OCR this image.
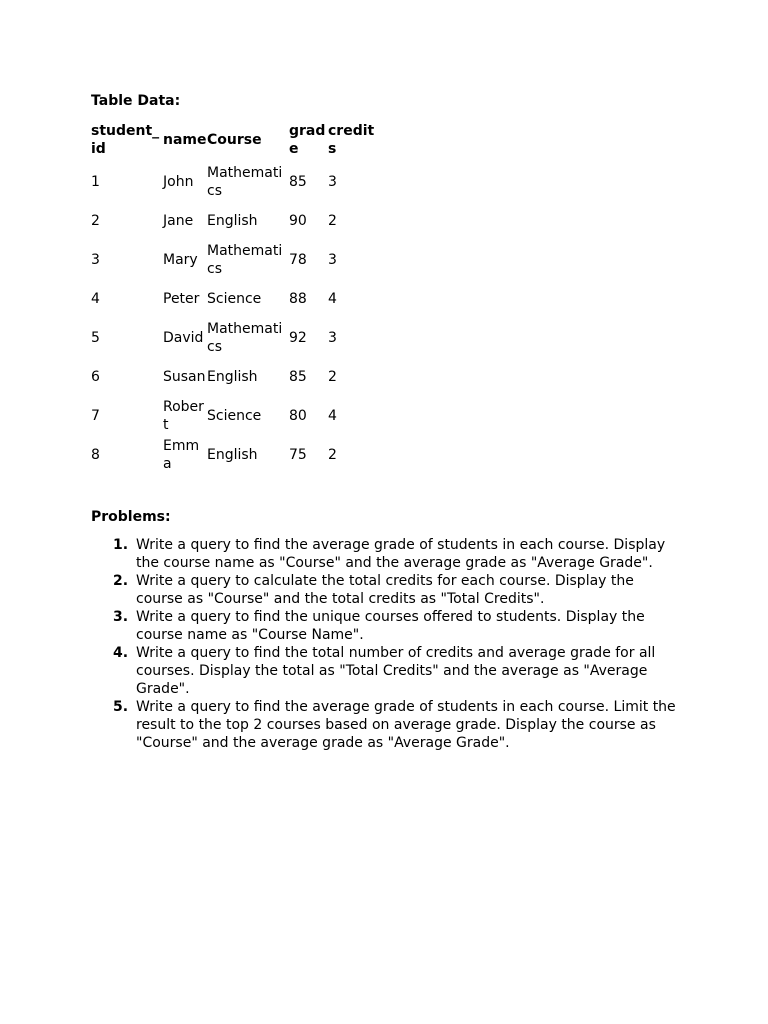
Table Data:
student_id	name	Course	grade	credits
1	John	Mathematics	85	3
2	Jane	English	90	2
3	Mary	Mathematics	78	3
4	Peter	Science	88	4
5	David	Mathematics	92	3
6	Susan	English	85	2
7	Robert	Science	80	4
8	Emma	English	75	2
Problems:
1. Write a query to find the average grade of students in each course. Display the course name as "Course" and the average grade as "Average Grade".
2. Write a query to calculate the total credits for each course. Display the course as "Course" and the total credits as "Total Credits".
3. Write a query to find the unique courses offered to students. Display the course name as "Course Name".
4. Write a query to find the total number of credits and average grade for all courses. Display the total as "Total Credits" and the average as "Average Grade".
5. Write a query to find the average grade of students in each course. Limit the result to the top 2 courses based on average grade. Display the course as "Course" and the average grade as "Average Grade".
